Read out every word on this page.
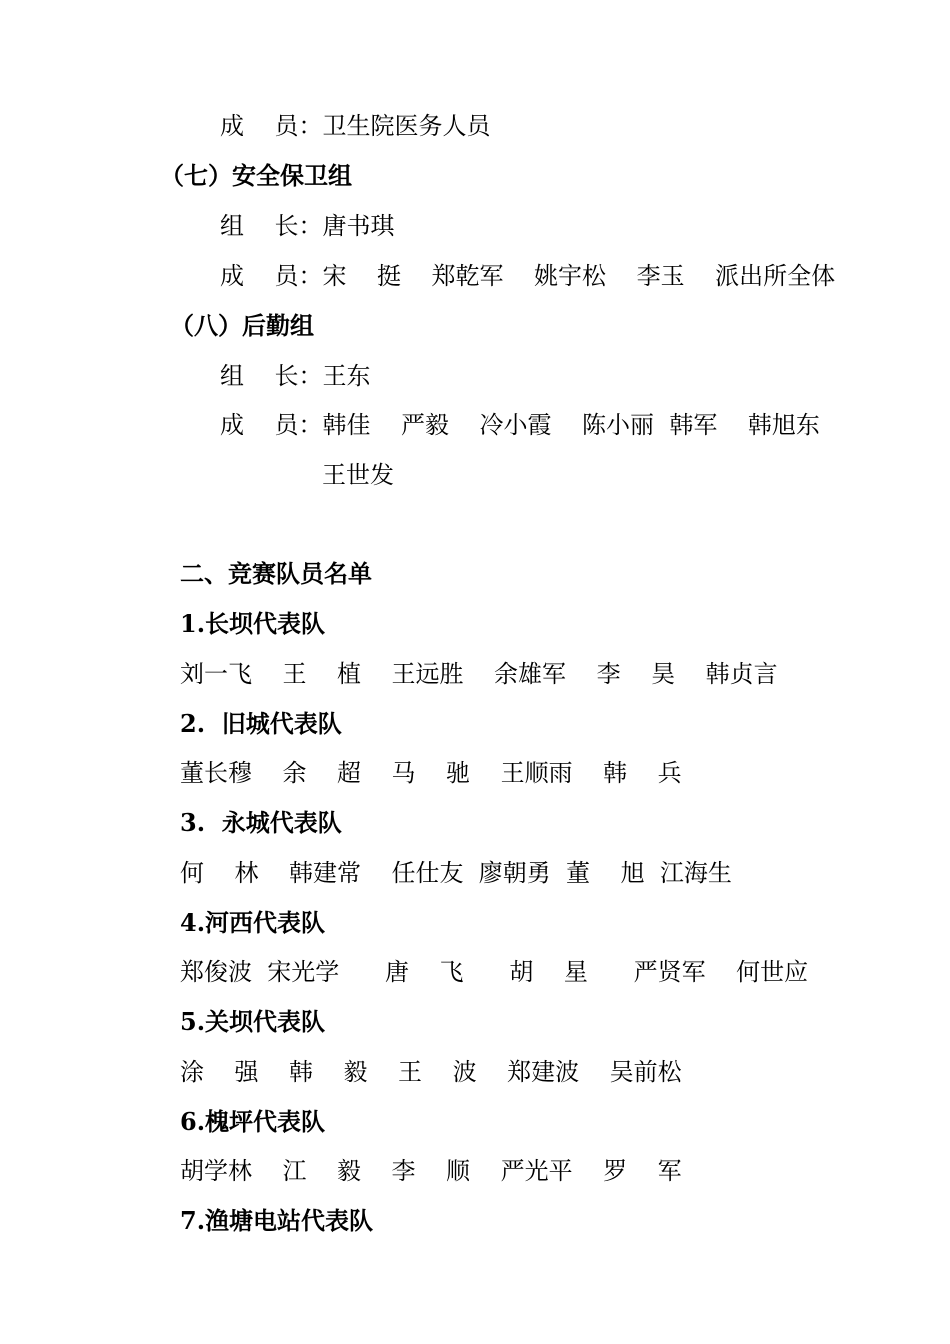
成    员：卫生院医务人员
（七）安全保卫组
组    长：唐书琪
成    员：宋    挺    郑乾军    姚宇松    李玉    派出所全体
（八）后勤组
组    长：王东
成    员：韩佳    严毅    冷小霞    陈小丽  韩军    韩旭东
王世发
二、竞赛队员名单
1.长坝代表队
刘一飞    王    植    王远胜    余雄军    李    昊    韩贞言
2.  旧城代表队
董长穆    余    超    马    驰    王顺雨    韩    兵
3.  永城代表队
何    林    韩建常    任仕友  廖朝勇  董    旭  江海生
4.河西代表队
郑俊波  宋光学      唐    飞      胡    星      严贤军    何世应
5.关坝代表队
涂    强    韩    毅    王    波    郑建波    吴前松
6.槐坪代表队
胡学林    江    毅    李    顺    严光平    罗    军
7.渔塘电站代表队
